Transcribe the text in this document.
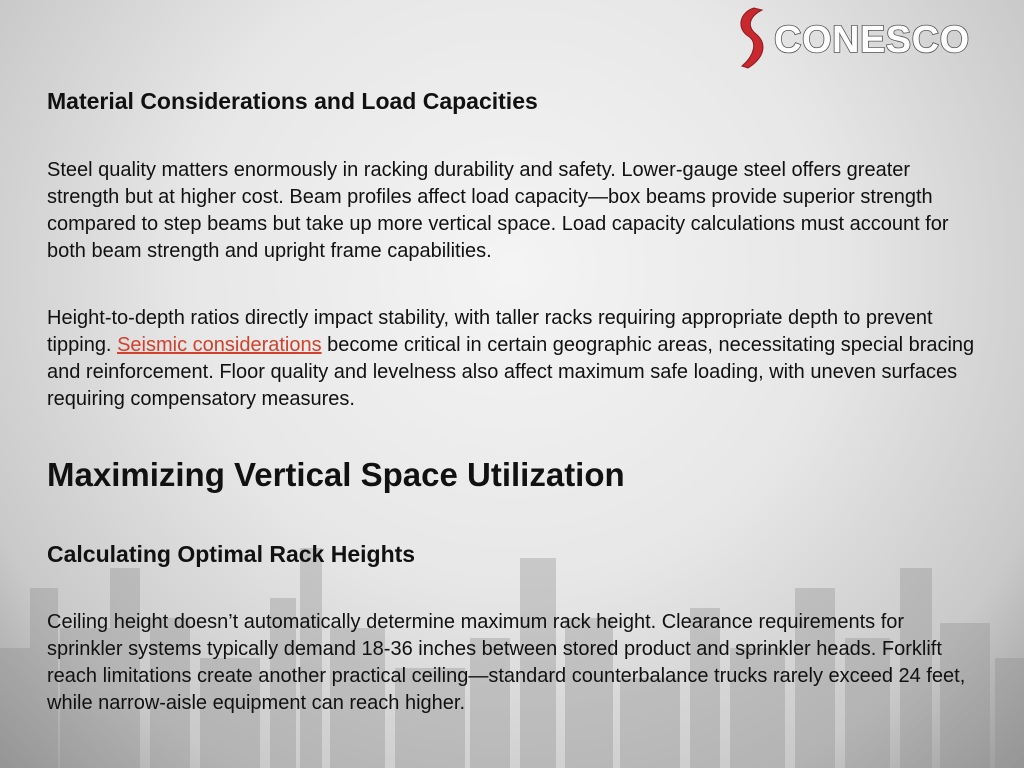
CONESCO
Material Considerations and Load Capacities

Steel quality matters enormously in racking durability and safety. Lower-gauge steel offers greater strength but at higher cost. Beam profiles affect load capacity—box beams provide superior strength compared to step beams but take up more vertical space. Load capacity calculations must account for both beam strength and upright frame capabilities.

Height-to-depth ratios directly impact stability, with taller racks requiring appropriate depth to prevent tipping. Seismic considerations become critical in certain geographic areas, necessitating special bracing and reinforcement. Floor quality and levelness also affect maximum safe loading, with uneven surfaces requiring compensatory measures.

Maximizing Vertical Space Utilization
Calculating Optimal Rack Heights

Ceiling height doesn’t automatically determine maximum rack height. Clearance requirements for sprinkler systems typically demand 18-36 inches between stored product and sprinkler heads. Forklift reach limitations create another practical ceiling—standard counterbalance trucks rarely exceed 24 feet, while narrow-aisle equipment can reach higher.
